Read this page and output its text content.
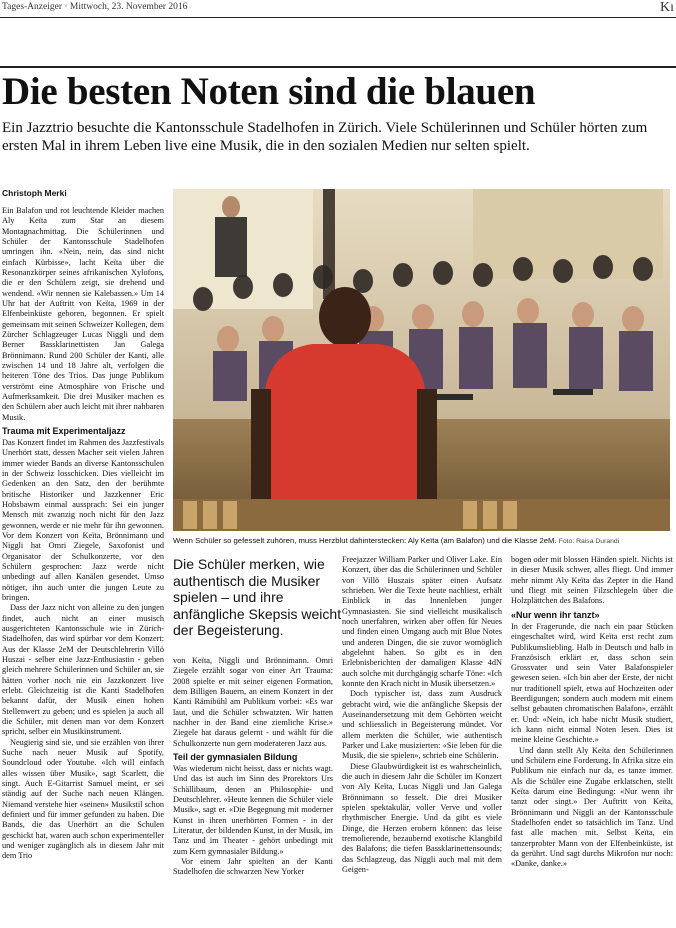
Tages-Anzeiger · Mittwoch, 23. November 2016	Kı
Die besten Noten sind die blauen
Ein Jazztrio besuchte die Kantonsschule Stadelhofen in Zürich. Viele Schülerinnen und Schüler hörten zum ersten Mal in ihrem Leben live eine Musik, die in den sozialen Medien nur selten spielt.
Christoph Merki

Ein Balafon und rot leuchtende Kleider machen Aly Keïta zum Star an diesem Montagnachmittag. Die Schülerinnen und Schüler der Kantonsschule Stadelhofen umringen ihn. «Nein, nein, das sind nicht einfach Kürbisse», lacht Keïta über die Resonanzkörper seines afrikanischen Xylofons, die er den Schülern zeigt, sie drehend und wendend. «Wir nennen sie Kalebassen.» Um 14 Uhr hat der Auftritt von Keïta, 1969 in der Elfenbeinküste geboren, begonnen. Er spielt gemeinsam mit seinen Schweizer Kollegen, dem Zürcher Schlagzeuger Lucas Niggli und dem Berner Bassklarinettisten Jan Galega Brönnimann. Rund 200 Schüler der Kanti, alle zwischen 14 und 18 Jahre alt, verfolgen die heiteren Töne des Trios. Das junge Publikum verströmt eine Atmosphäre von Frische und Aufmerksamkeit. Die drei Musiker machen es den Schülern aber auch leicht mit ihrer nahbaren Musik.

Trauma mit Experimentaljazz

Das Konzert findet im Rahmen des Jazzfestivals Unerhört statt, dessen Macher seit vielen Jahren immer wieder Bands an diverse Kantonsschulen in der Schweiz losschicken. Dies vielleicht im Gedenken an den Satz, den der berühmte britische Historiker und Jazzkenner Eric Hobsbawm einmal aussprach: Sei ein junger Mensch mit zwanzig noch nicht für den Jazz gewonnen, werde er nie mehr für ihn gewonnen. Vor dem Konzert von Keïta, Brönnimann und Niggli hat Omri Ziegele, Saxofonist und Organisator der Schulkonzerte, vor den Schülern gesprochen: Jazz werde nicht unbedingt auf allen Kanälen gesendet. Umso nötiger, ihn auch unter die jungen Leute zu bringen.

Dass der Jazz nicht von alleine zu den jungen findet, auch nicht an einer musisch ausgerichteten Kantonsschule wie in Zürich-Stadelhofen, das wird spürbar vor dem Konzert: Aus der Klasse 2eM der Deutschlehrerin Villö Huszai - selber eine Jazz-Enthusiastin - geben gleich mehrere Schülerinnen und Schüler an, sie hätten vorher noch nie ein Jazzkonzert live erlebt. Gleichzeitig ist die Kanti Stadelhofen bekannt dafür, der Musik einen hohen Stellenwert zu geben; und es spielen ja auch all die Schüler, mit denen man vor dem Konzert spricht, selber ein Musikinstrument.

Neugierig sind sie, und sie erzählen von ihrer Suche nach neuer Musik auf Spotify, Soundcloud oder Youtube. «Ich will einfach alles wissen über Musik», sagt Scarlett, die singt. Auch E-Gitarrist Samuel meint, er sei ständig auf der Suche nach neuen Klängen. Niemand verstehe hier «seinen» Musikstil schon definiert und für immer gefunden zu haben. Die Bands, die das Unerhört an die Schulen geschickt hat, waren auch schon experimenteller und weniger zugänglich als in diesem Jahr mit dem Trio

Wenn Schüler so gefesselt zuhören, muss Herzblut dahinterstecken: Aly Keïta (am Balafon) und die Klasse 2eM. Foto: Raisa Durandi
Die Schüler merken, wie authentisch die Musiker spielen – und ihre anfängliche Skepsis weicht der Begeisterung.

von Keïta, Niggli und Brönnimann. Omri Ziegele erzählt sogar von einer Art Trauma: 2008 spielte er mit seiner eigenen Formation, dem Billigen Bauern, an einem Konzert in der Kanti Rämibühl am Publikum vorbei: «Es war laut, und die Schüler schwatzten. Wir hatten nachher in der Band eine ziemliche Krise.» Ziegele hat daraus gelernt - und wählt für die Schulkonzerte nun gern moderateren Jazz aus.

Teil der gymnasialen Bildung

Was wiederum nicht heisst, dass er nichts wagt. Und das ist auch im Sinn des Prorektors Urs Schällibaum, denen an Philosophie- und Deutschlehrer. «Heute kennen die Schüler viele Musik», sagt er. «Die Begegnung mit moderner Kunst in ihren unerhörten Formen - in der Literatur, der bildenden Kunst, in der Musik, im Tanz und im Theater - gehört unbedingt mit zum Kern gymnasialer Bildung.»

Vor einem Jahr spielten an der Kanti Stadelhofen die schwarzen New Yorker

Freejazzer William Parker und Oliver Lake. Ein Konzert, über das die Schülerinnen und Schüler von Villö Huszais später einen Aufsatz schrieben. Wer die Texte heute nachliest, erhält Einblick in das Innenleben junger Gymnasiasten. Sie sind vielleicht musikalisch noch unerfahren, wirken aber offen für Neues und finden einen Umgang auch mit Blue Notes und anderen Dingen, die sie zuvor womöglich abgelehnt haben. So gibt es in den Erlebnisberichten der damaligen Klasse 4dN auch solche mit durchgängig scharfe Töne: «Ich konnte den Krach nicht in Musik übersetzen.»

Doch typischer ist, dass zum Ausdruck gebracht wird, wie die anfängliche Skepsis der Auseinandersetzung mit dem Gehörten weicht und schliesslich in Begeisterung mündet. Vor allem merkten die Schüler, wie authentisch Parker und Lake musizierten: «Sie leben für die Musik, die sie spielen», schrieb eine Schülerin.

Diese Glaubwürdigkeit ist es wahrscheinlich, die auch in diesem Jahr die Schüler im Konzert von Aly Keïta, Lucas Niggli und Jan Galega Brönnimann so fesselt. Die drei Musiker spielen spektakulär, voller Verve und voller rhythmischer Energie. Und da gibt es viele Dinge, die Herzen erobern können: das leise tremolierende, bezaubernd exotische Klangbild des Balafons; die tiefen Bassklarinettensounds; das Schlagzeug, das Niggli auch mal mit dem Geigen-

bogen oder mit blossen Händen spielt. Nichts ist in dieser Musik schwer, alles fliegt. Und immer mehr nimmt Aly Keïta das Zepter in die Hand und fliegt mit seinen Filzschlegeln über die Holzplättchen des Balafons.

«Nur wenn ihr tanzt»

In der Fragerunde, die nach ein paar Stücken eingeschaltet wird, wird Keïta erst recht zum Publikumsliebling. Halb in Deutsch und halb in Französisch erklärt er, dass schon sein Grossvater und sein Vater Balafonspieler gewesen seien. «Ich bin aber der Erste, der nicht nur traditionell spielt, etwa auf Hochzeiten oder Beerdigungen; sondern auch modern mit einem selbst gebauten chromatischen Balafon», erzählt er. Und: «Nein, ich habe nicht Musik studiert, ich kann nicht einmal Noten lesen. Dies ist meine kleine Geschichte.»

Und dann stellt Aly Keïta den Schülerinnen und Schülern eine Forderung. In Afrika sitze ein Publikum nie einfach nur da, es tanze immer. Als die Schüler eine Zugabe erklatschen, stellt Keïta darum eine Bedingung: «Nur wenn ihr tanzt oder singt.» Der Auftritt von Keïta, Brönnimann und Niggli an der Kantonsschule Stadelhofen endet so tatsächlich im Tanz. Und fast alle machen mit. Selbst Keïta, ein tanzerprobter Mann von der Elfenbeinküste, ist da gerührt. Und sagt durchs Mikrofon nur noch: «Danke, danke.»
